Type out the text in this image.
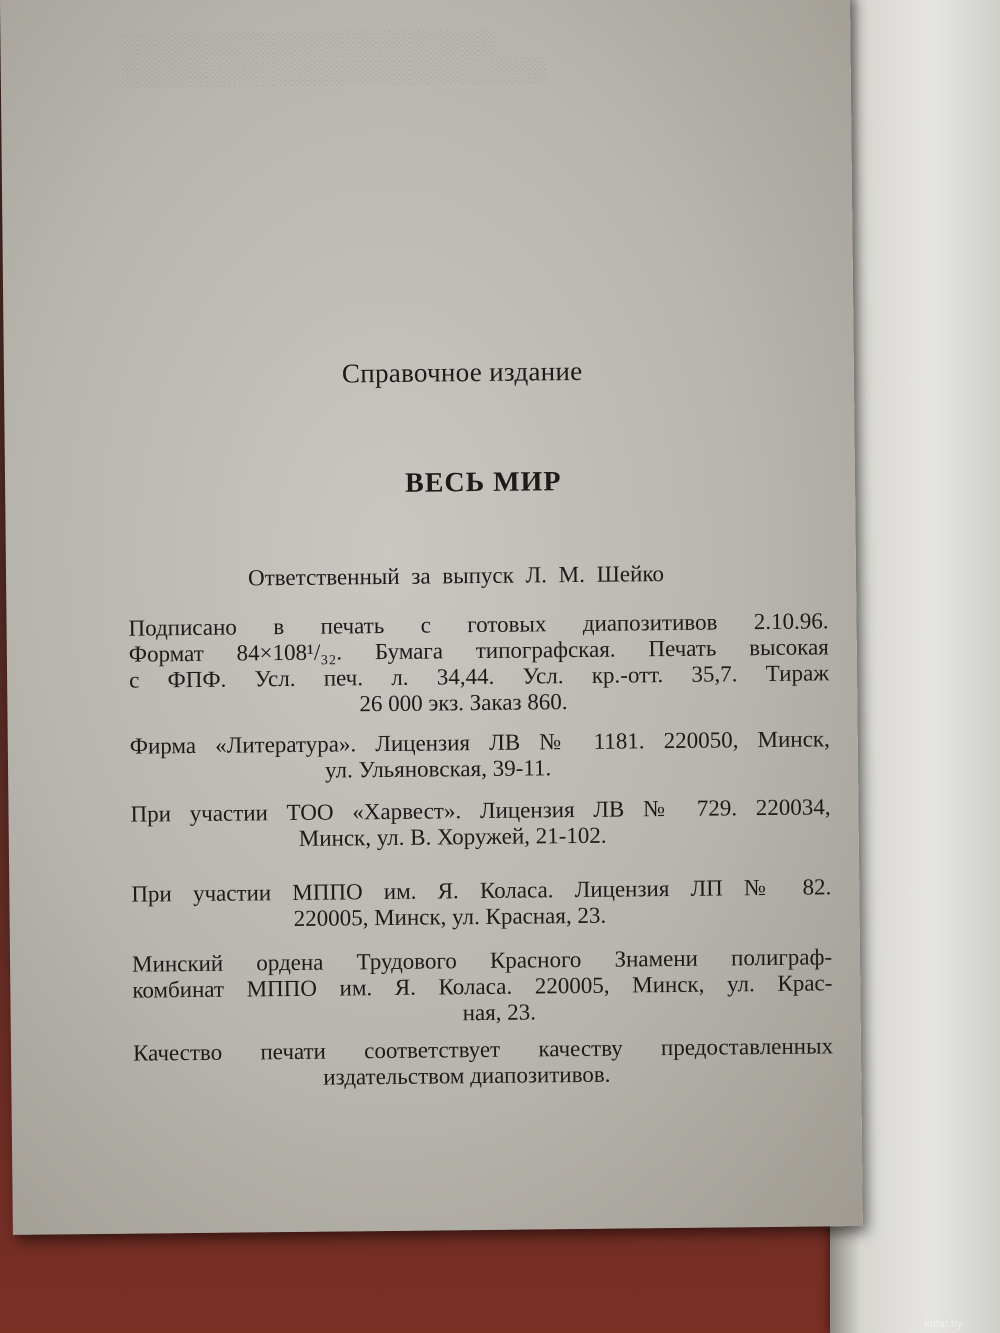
░░░░░░░░░░░░░░░░░░░░░░░░░
░░░░░░░░░░░░░░░░░░░░░░
Справочное издание
ВЕСЬ МИР
Ответственный за выпуск Л. М. Шейко
Подписано в печать с готовых диапозитивов 2.10.96.
Формат 84×108¹/₃₂. Бумага типографская. Печать высокая
с ФПФ. Усл. печ. л. 34,44. Усл. кр.-отт. 35,7. Тираж
26 000 экз. Заказ 860.
Фирма «Литература». Лицензия ЛВ № 1181. 220050, Минск,
ул. Ульяновская, 39-11.
При участии ТОО «Харвест». Лицензия ЛВ № 729. 220034,
Минск, ул. В. Хоружей, 21-102.
При участии МППО им. Я. Коласа. Лицензия ЛП № 82.
220005, Минск, ул. Красная, 23.
Минский ордена Трудового Красного Знамени полиграф-
комбинат МППО им. Я. Коласа. 220005, Минск, ул. Крас-
ная, 23.
Качество печати соответствует качеству предоставленных
издательством диапозитивов.
kufar.by
